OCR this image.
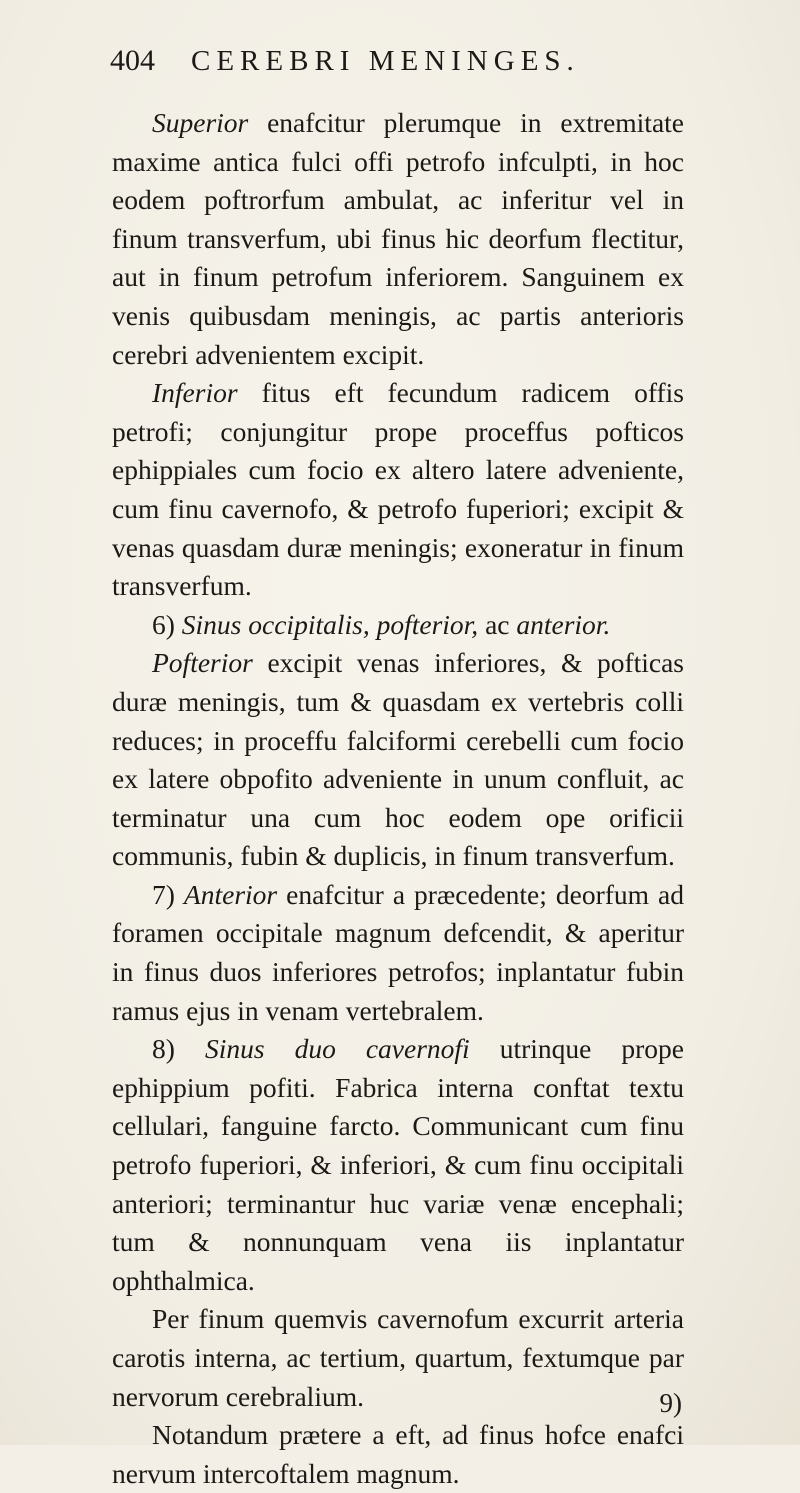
404 CEREBRI MENINGES.

Superior enafcitur plerumque in extremitate maxime antica fulci offi petrofo infculpti, in hoc eodem poftrorfum ambulat, ac inferitur vel in finum transverfum, ubi finus hic deorfum flectitur, aut in finum petrofum inferiorem. Sanguinem ex venis quibusdam meningis, ac partis anterioris cerebri advenientem excipit.

Inferior fitus eft fecundum radicem offis petrofi; conjungitur prope proceffus pofticos ephippiales cum focio ex altero latere adveniente, cum finu cavernofo, & petrofo fuperiori; excipit & venas quasdam duræ meningis; exoneratur in finum transverfum.

6) Sinus occipitalis, pofterior, ac anterior.

Pofterior excipit venas inferiores, & pofticas duræ meningis, tum & quasdam ex vertebris colli reduces; in proceffu falciformi cerebelli cum focio ex latere obpofito adveniente in unum confluit, ac terminatur una cum hoc eodem ope orificii communis, fubin & duplicis, in finum transverfum.

7) Anterior enafcitur a præcedente; deorfum ad foramen occipitale magnum defcendit, & aperitur in finus duos inferiores petrofos; inplantatur fubin ramus ejus in venam vertebralem.

8) Sinus duo cavernofi utrinque prope ephippium pofiti. Fabrica interna conftat textu cellulari, fanguine farcto. Communicant cum finu petrofo fuperiori, & inferiori, & cum finu occipitali anteriori; terminantur huc variæ venæ encephali; tum & nonnunquam vena iis inplantatur ophthalmica.

Per finum quemvis cavernofum excurrit arteria carotis interna, ac tertium, quartum, fextumque par nervorum cerebralium.

Notandum prætere a eft, ad finus hofce enafci nervum intercoftalem magnum.

9)
